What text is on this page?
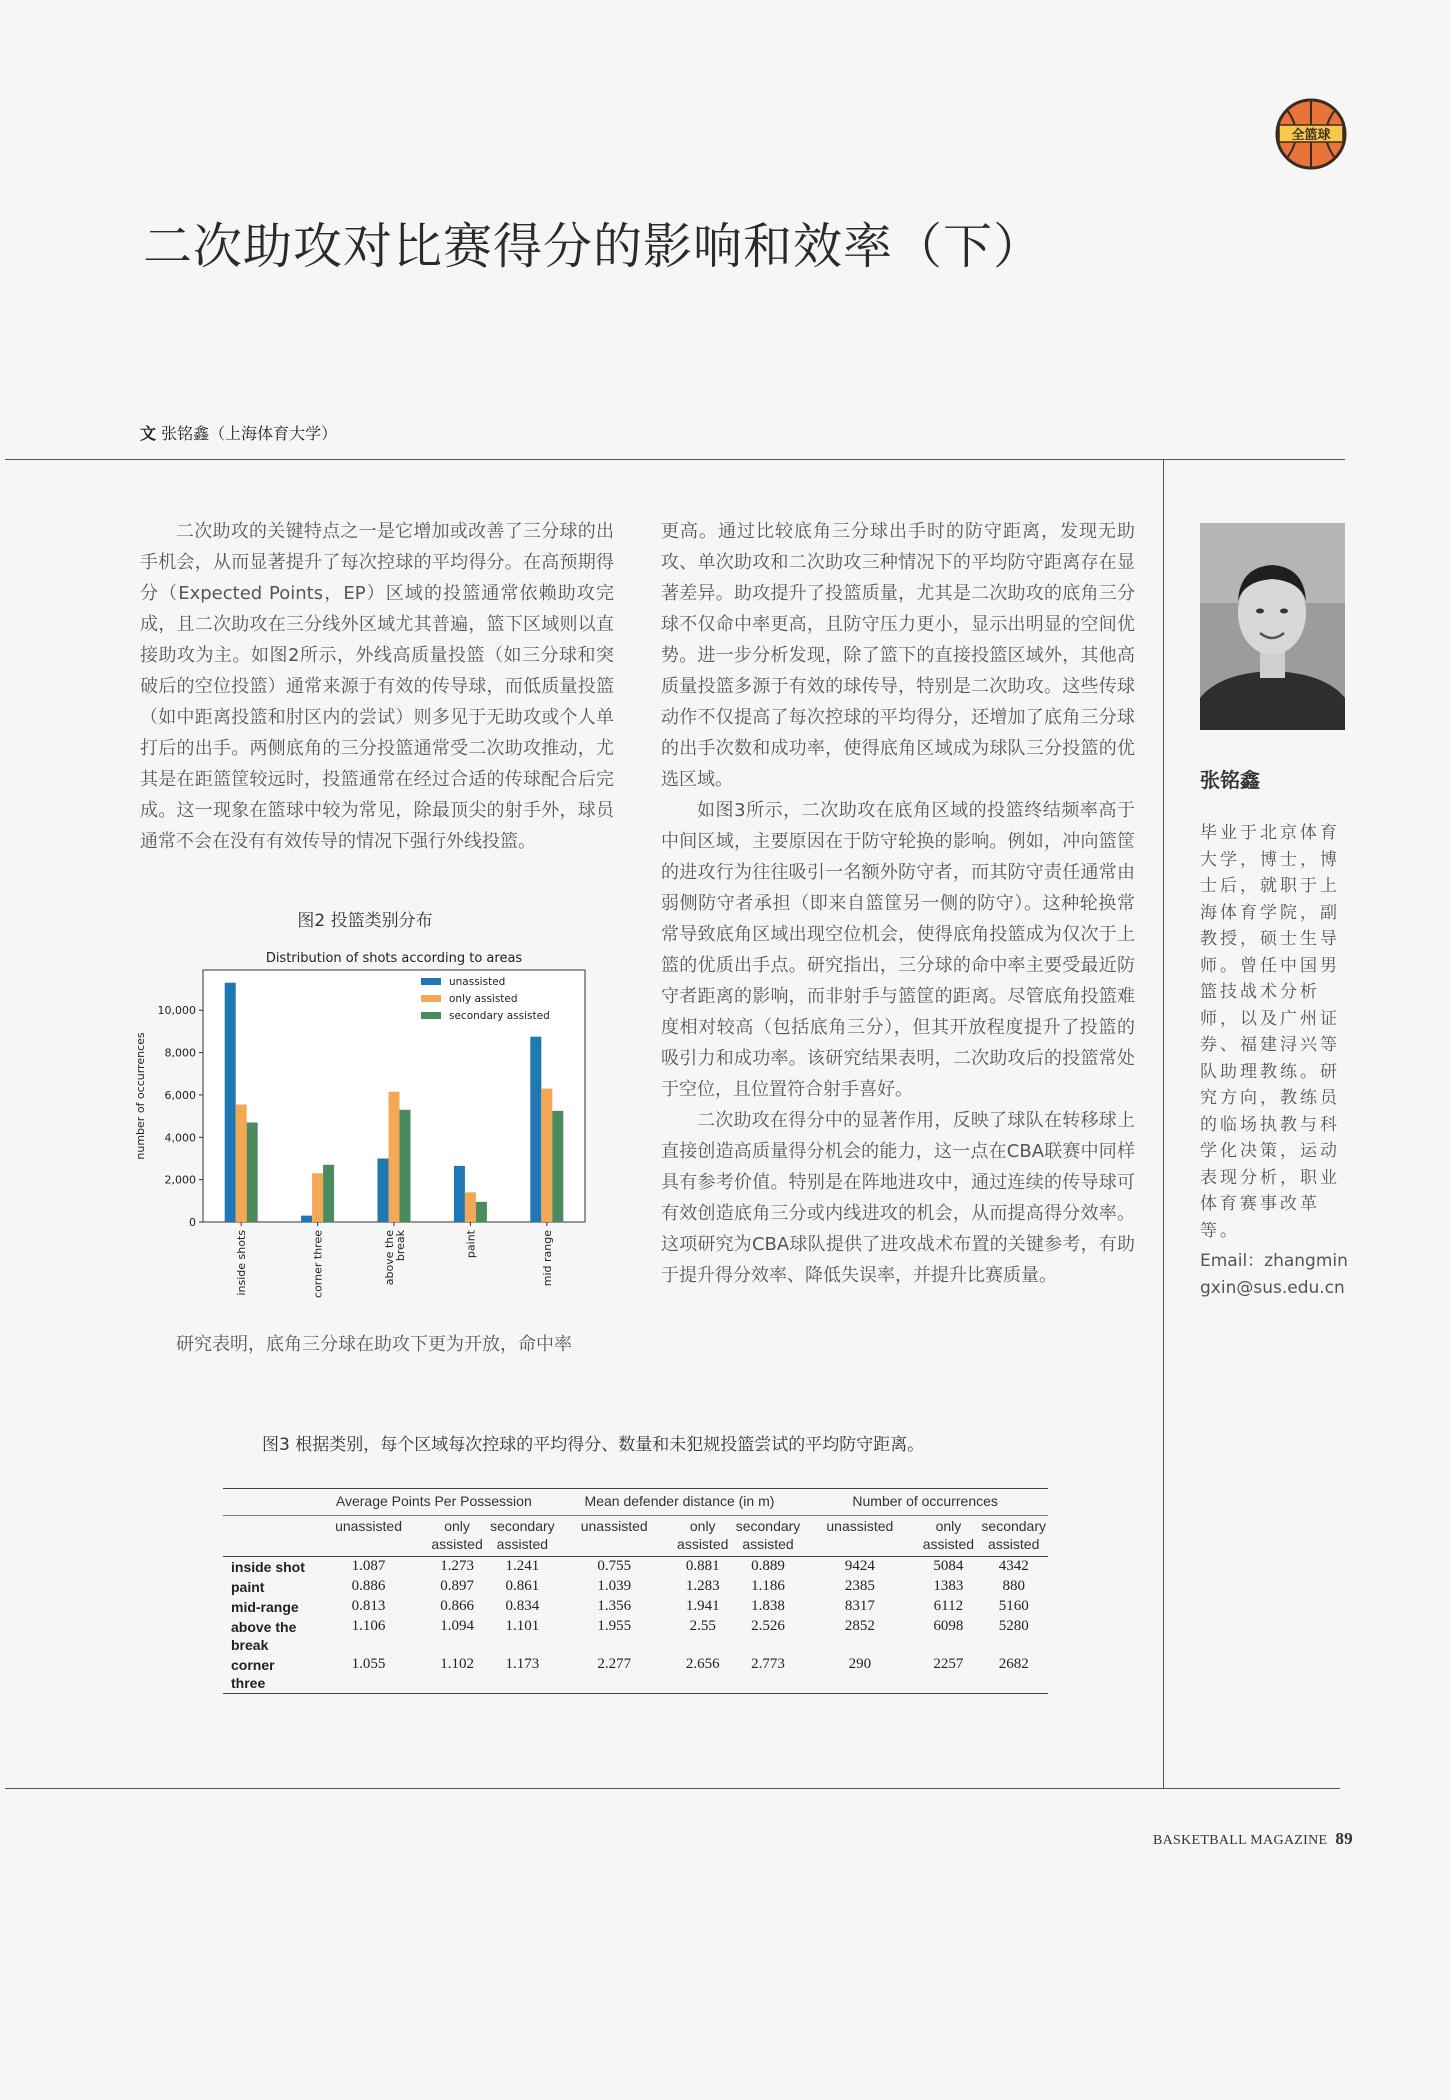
全篮球
二次助攻对比赛得分的影响和效率（下）
文 张铭鑫（上海体育大学）

二次助攻的关键特点之一是它增加或改善了三分球的出手机会，从而显著提升了每次控球的平均得分。在高预期得分（Expected Points，EP）区域的投篮通常依赖助攻完成，且二次助攻在三分线外区域尤其普遍，篮下区域则以直接助攻为主。如图2所示，外线高质量投篮（如三分球和突破后的空位投篮）通常来源于有效的传导球，而低质量投篮（如中距离投篮和肘区内的尝试）则多见于无助攻或个人单打后的出手。两侧底角的三分投篮通常受二次助攻推动，尤其是在距篮筐较远时，投篮通常在经过合适的传球配合后完成。这一现象在篮球中较为常见，除最顶尖的射手外，球员通常不会在没有有效传导的情况下强行外线投篮。

图2 投篮类别分布
Distribution of shots according to areas
number of occurrences
0
2,000
4,000
6,000
8,000
10,000
inside shots	corner three	above thebreak	paint	mid range
unassisted
only assisted
secondary assisted

研究表明，底角三分球在助攻下更为开放，命中率

更高。通过比较底角三分球出手时的防守距离，发现无助攻、单次助攻和二次助攻三种情况下的平均防守距离存在显著差异。助攻提升了投篮质量，尤其是二次助攻的底角三分球不仅命中率更高，且防守压力更小，显示出明显的空间优势。进一步分析发现，除了篮下的直接投篮区域外，其他高质量投篮多源于有效的球传导，特别是二次助攻。这些传球动作不仅提高了每次控球的平均得分，还增加了底角三分球的出手次数和成功率，使得底角区域成为球队三分投篮的优选区域。

如图3所示，二次助攻在底角区域的投篮终结频率高于中间区域，主要原因在于防守轮换的影响。例如，冲向篮筐的进攻行为往往吸引一名额外防守者，而其防守责任通常由弱侧防守者承担（即来自篮筐另一侧的防守）。这种轮换常常导致底角区域出现空位机会，使得底角投篮成为仅次于上篮的优质出手点。研究指出，三分球的命中率主要受最近防守者距离的影响，而非射手与篮筐的距离。尽管底角投篮难度相对较高（包括底角三分），但其开放程度提升了投篮的吸引力和成功率。该研究结果表明，二次助攻后的投篮常处于空位，且位置符合射手喜好。

二次助攻在得分中的显著作用，反映了球队在转移球上直接创造高质量得分机会的能力，这一点在CBA联赛中同样具有参考价值。特别是在阵地进攻中，通过连续的传导球可有效创造底角三分或内线进攻的机会，从而提高得分效率。这项研究为CBA球队提供了进攻战术布置的关键参考，有助于提升得分效率、降低失误率，并提升比赛质量。

张铭鑫
毕业于北京体育大学，博士，博士后，就职于上海体育学院，副教授，硕士生导师。曾任中国男篮技战术分析师，以及广州证券、福建浔兴等队助理教练。研究方向，教练员的临场执教与科学化决策，运动表现分析，职业体育赛事改革等。
Email：zhangmingxin@sus.edu.cn
图3 根据类别，每个区域每次控球的平均得分、数量和未犯规投篮尝试的平均防守距离。
	Average Points Per Possession			Mean defender distance (in m)			Number of occurrences		
	unassisted	only assisted	secondary assisted	unassisted	only assisted	secondary assisted	unassisted	only assisted	secondary assisted
inside shot	1.087	1.273	1.241	0.755	0.881	0.889	9424	5084	4342
paint	0.886	0.897	0.861	1.039	1.283	1.186	2385	1383	880
mid-range	0.813	0.866	0.834	1.356	1.941	1.838	8317	6112	5160
above the break	1.106	1.094	1.101	1.955	2.55	2.526	2852	6098	5280
corner three	1.055	1.102	1.173	2.277	2.656	2.773	290	2257	2682
BASKETBALL MAGAZINE 89
